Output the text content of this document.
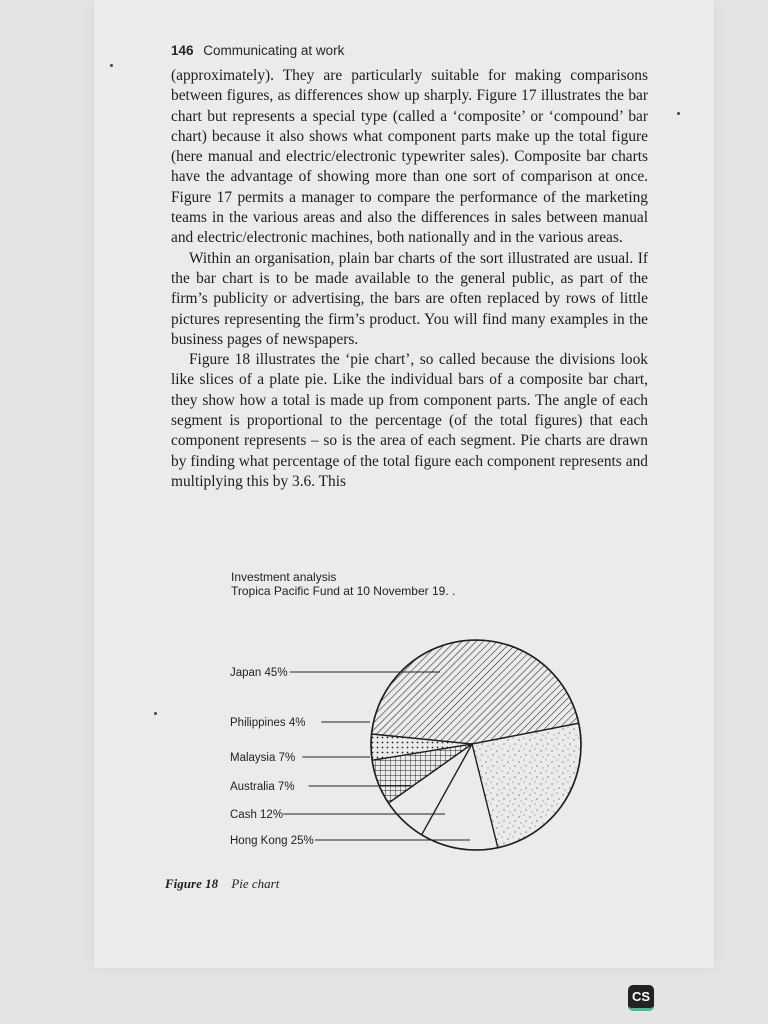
146 Communicating at work

(approximately). They are particularly suitable for making comparisons between figures, as differences show up sharply. Figure 17 illustrates the bar chart but represents a special type (called a ‘composite’ or ‘compound’ bar chart) because it also shows what component parts make up the total figure (here manual and electric/electronic typewriter sales). Composite bar charts have the advantage of showing more than one sort of comparison at once. Figure 17 permits a manager to compare the performance of the marketing teams in the various areas and also the differences in sales between manual and electric/electronic machines, both nationally and in the various areas.

Within an organisation, plain bar charts of the sort illustrated are usual. If the bar chart is to be made available to the general public, as part of the firm’s publicity or advertising, the bars are often replaced by rows of little pictures representing the firm’s product. You will find many examples in the business pages of newspapers.

Figure 18 illustrates the ‘pie chart’, so called because the divisions look like slices of a plate pie. Like the individual bars of a composite bar chart, they show how a total is made up from component parts. The angle of each segment is proportional to the percentage (of the total figures) that each component represents – so is the area of each segment. Pie charts are drawn by finding what percentage of the total figure each component represents and multiplying this by 3.6. This

Investment analysis
Tropica Pacific Fund at 10 November 19. .
Japan 45%
Philippines 4%
Malaysia 7%
Australia 7%
Cash 12%
Hong Kong 25%
Figure 18 Pie chart
CS
